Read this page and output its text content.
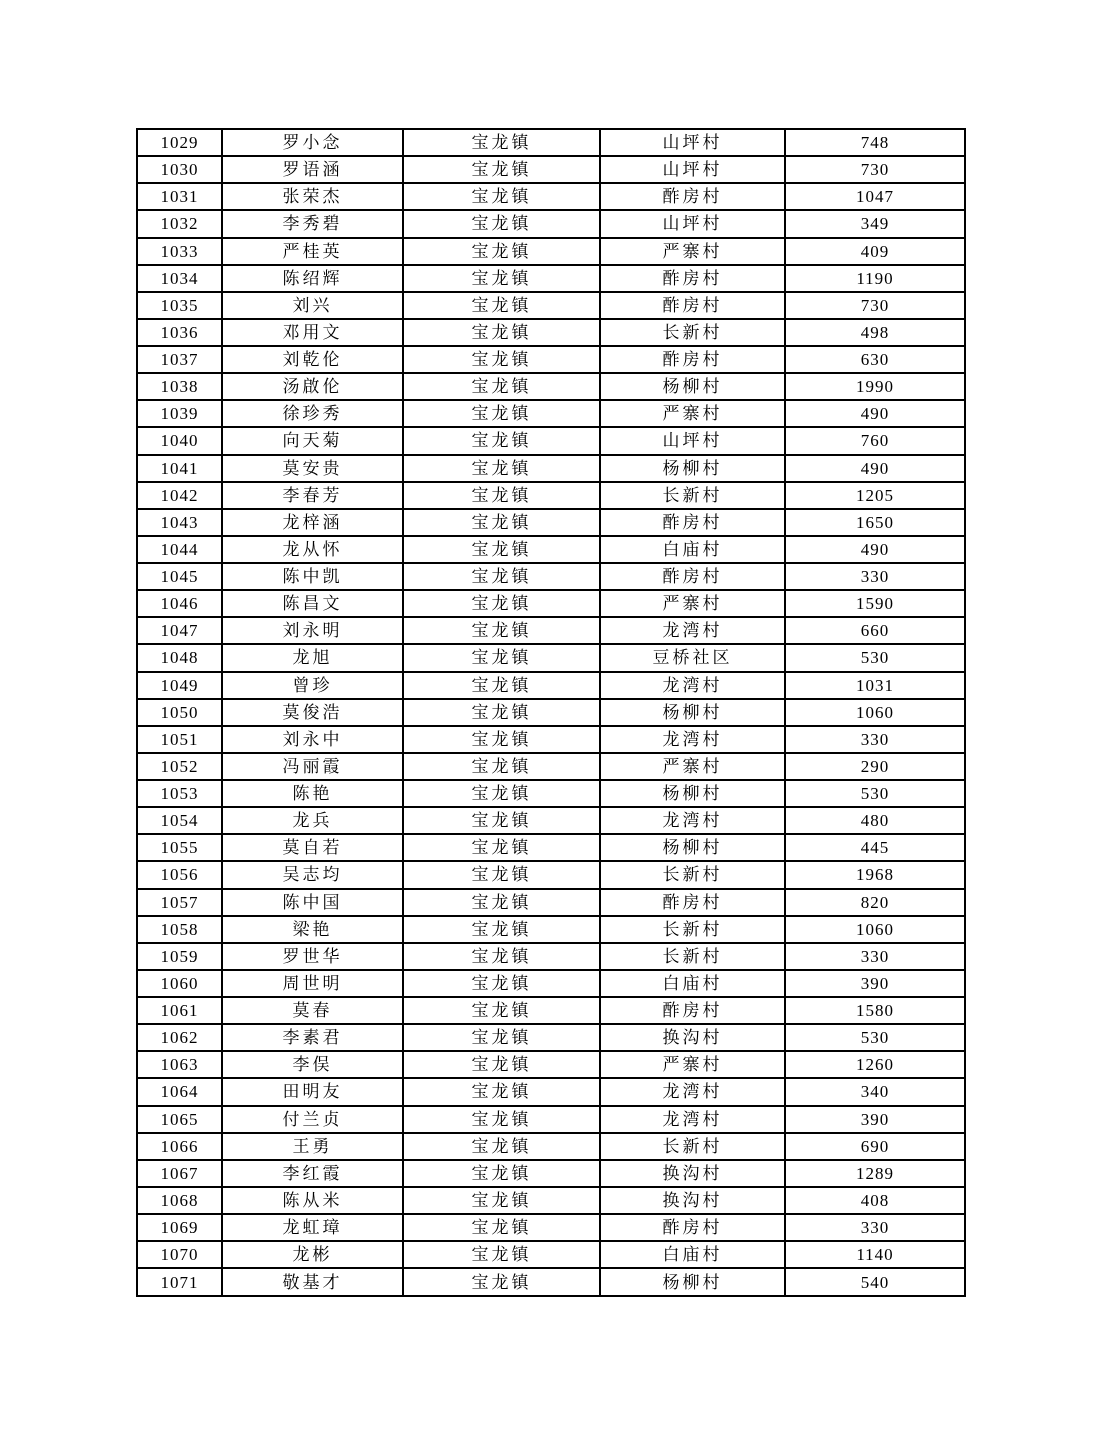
1029	罗小念	宝龙镇	山坪村	748
1030	罗语涵	宝龙镇	山坪村	730
1031	张荣杰	宝龙镇	酢房村	1047
1032	李秀碧	宝龙镇	山坪村	349
1033	严桂英	宝龙镇	严寨村	409
1034	陈绍辉	宝龙镇	酢房村	1190
1035	刘兴	宝龙镇	酢房村	730
1036	邓用文	宝龙镇	长新村	498
1037	刘乾伦	宝龙镇	酢房村	630
1038	汤啟伦	宝龙镇	杨柳村	1990
1039	徐珍秀	宝龙镇	严寨村	490
1040	向天菊	宝龙镇	山坪村	760
1041	莫安贵	宝龙镇	杨柳村	490
1042	李春芳	宝龙镇	长新村	1205
1043	龙梓涵	宝龙镇	酢房村	1650
1044	龙从怀	宝龙镇	白庙村	490
1045	陈中凯	宝龙镇	酢房村	330
1046	陈昌文	宝龙镇	严寨村	1590
1047	刘永明	宝龙镇	龙湾村	660
1048	龙旭	宝龙镇	豆桥社区	530
1049	曾珍	宝龙镇	龙湾村	1031
1050	莫俊浩	宝龙镇	杨柳村	1060
1051	刘永中	宝龙镇	龙湾村	330
1052	冯丽霞	宝龙镇	严寨村	290
1053	陈艳	宝龙镇	杨柳村	530
1054	龙兵	宝龙镇	龙湾村	480
1055	莫自若	宝龙镇	杨柳村	445
1056	吴志均	宝龙镇	长新村	1968
1057	陈中国	宝龙镇	酢房村	820
1058	梁艳	宝龙镇	长新村	1060
1059	罗世华	宝龙镇	长新村	330
1060	周世明	宝龙镇	白庙村	390
1061	莫春	宝龙镇	酢房村	1580
1062	李素君	宝龙镇	换沟村	530
1063	李俣	宝龙镇	严寨村	1260
1064	田明友	宝龙镇	龙湾村	340
1065	付兰贞	宝龙镇	龙湾村	390
1066	王勇	宝龙镇	长新村	690
1067	李红霞	宝龙镇	换沟村	1289
1068	陈从米	宝龙镇	换沟村	408
1069	龙虹璋	宝龙镇	酢房村	330
1070	龙彬	宝龙镇	白庙村	1140
1071	敬基才	宝龙镇	杨柳村	540
